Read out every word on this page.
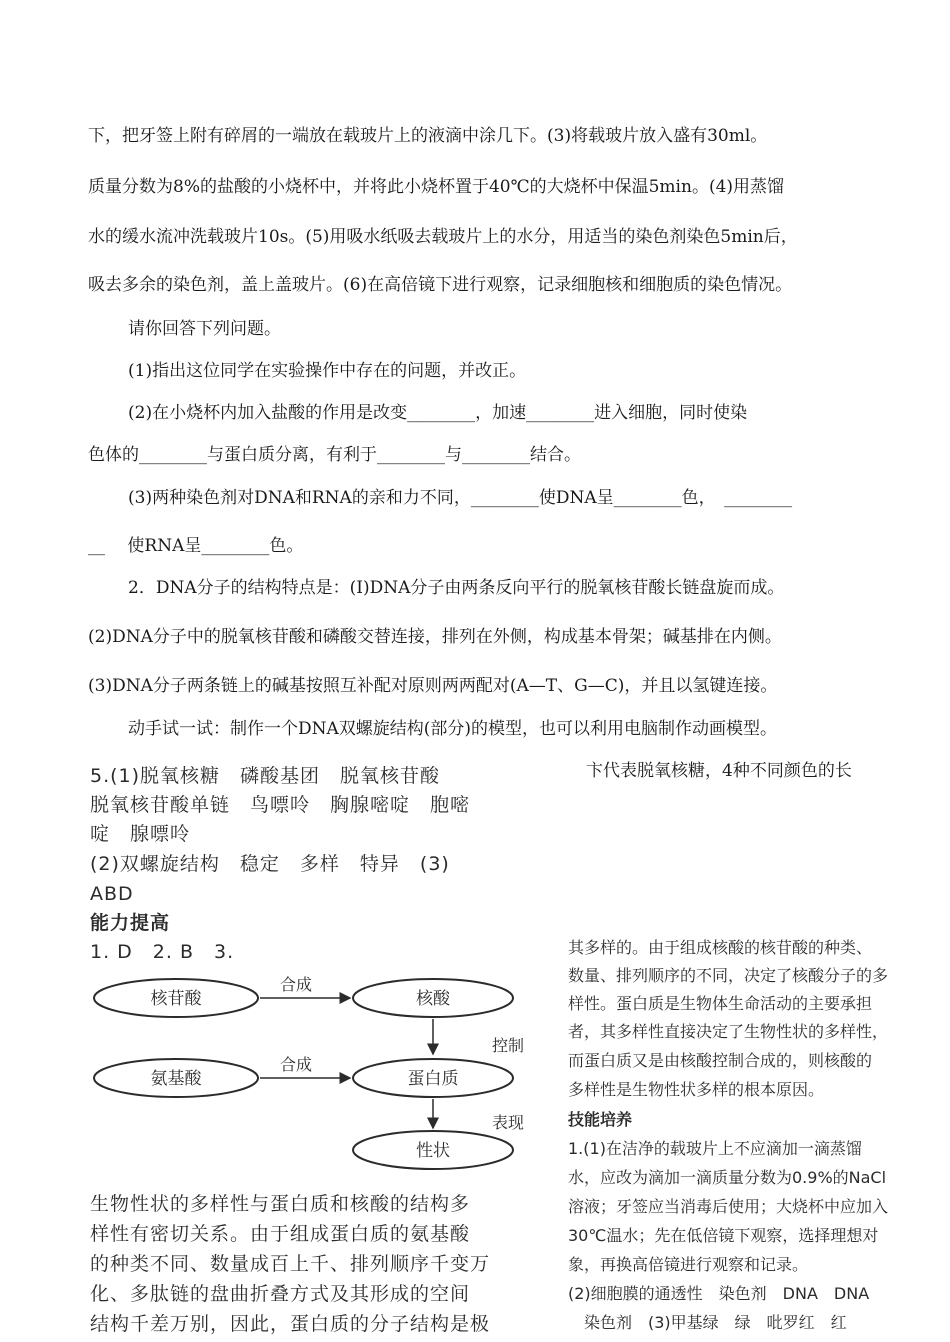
下，把牙签上附有碎屑的一端放在载玻片上的液滴中涂几下。(3)将载玻片放入盛有30ml。
质量分数为8%的盐酸的小烧杯中，并将此小烧杯置于40℃的大烧杯中保温5min。(4)用蒸馏
水的缓水流冲洗载玻片10s。(5)用吸水纸吸去载玻片上的水分，用适当的染色剂染色5min后，
吸去多余的染色剂，盖上盖玻片。(6)在高倍镜下进行观察，记录细胞核和细胞质的染色情况。
请你回答下列问题。
(1)指出这位同学在实验操作中存在的问题，并改正。
(2)在小烧杯内加入盐酸的作用是改变________，加速________进入细胞，同时使染
色体的________与蛋白质分离，有利于________与________结合。
(3)两种染色剂对DNA和RNA的亲和力不同，________使DNA呈________色，　________
__　 使RNA呈________色。
2．DNA分子的结构特点是：(I)DNA分子由两条反向平行的脱氧核苷酸长链盘旋而成。
(2)DNA分子中的脱氧核苷酸和磷酸交替连接，排列在外侧，构成基本骨架；碱基排在内侧。
(3)DNA分子两条链上的碱基按照互补配对原则两两配对(A—T、G—C)，并且以氢键连接。
动手试一试：制作一个DNA双螺旋结构(部分)的模型，也可以利用电脑制作动画模型。
卞代表脱氧核糖，4种不同颜色的长
5.(1)脱氧核糖　磷酸基团　脱氧核苷酸
脱氧核苷酸单链　鸟嘌呤　胸腺嘧啶　胞嘧
啶　腺嘌呤
(2)双螺旋结构　稳定　多样　特异　(3)
ABD
能力提高
1. D　2. B　3.
核苷酸	核酸
合成
控制
氨基酸	蛋白质
合成
表现
性状
生物性状的多样性与蛋白质和核酸的结构多
样性有密切关系。由于组成蛋白质的氨基酸
的种类不同、数量成百上千、排列顺序千变万
化、多肽链的盘曲折叠方式及其形成的空间
结构千差万别，因此，蛋白质的分子结构是极
其多样的。由于组成核酸的核苷酸的种类、
数量、排列顺序的不同，决定了核酸分子的多
样性。蛋白质是生物体生命活动的主要承担
者，其多样性直接决定了生物性状的多样性，
而蛋白质又是由核酸控制合成的，则核酸的
多样性是生物性状多样的根本原因。
技能培养
1.(1)在洁净的载玻片上不应滴加一滴蒸馏
水，应改为滴加一滴质量分数为0.9%的NaCl
溶液；牙签应当消毒后使用；大烧杯中应加入
30℃温水；先在低倍镜下观察，选择理想对
象，再换高倍镜进行观察和记录。
(2)细胞膜的通透性　染色剂　DNA　DNA
　染色剂　(3)甲基绿　绿　吡罗红　红
